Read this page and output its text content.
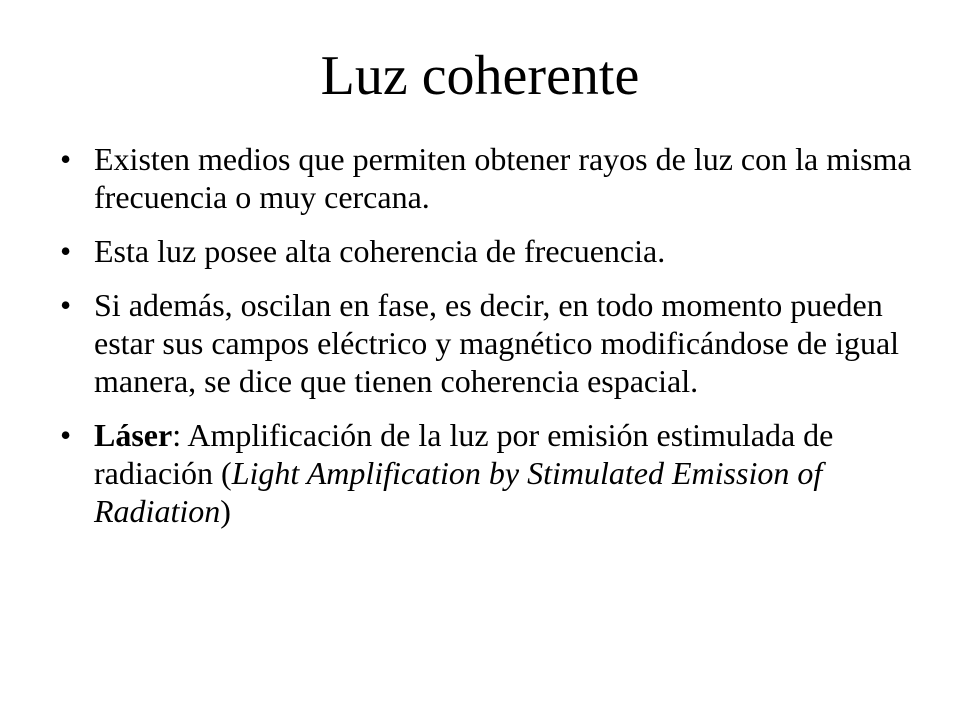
Luz coherente
• Existen medios que permiten obtener rayos de luz con la misma frecuencia o muy cercana.
• Esta luz posee alta coherencia de frecuencia.
• Si además, oscilan en fase, es decir, en todo momento pueden estar sus campos eléctrico y magnético modificándose de igual manera, se dice que tienen coherencia espacial.
• Láser: Amplificación de la luz por emisión estimulada de radiación (Light Amplification by Stimulated Emission of Radiation)
